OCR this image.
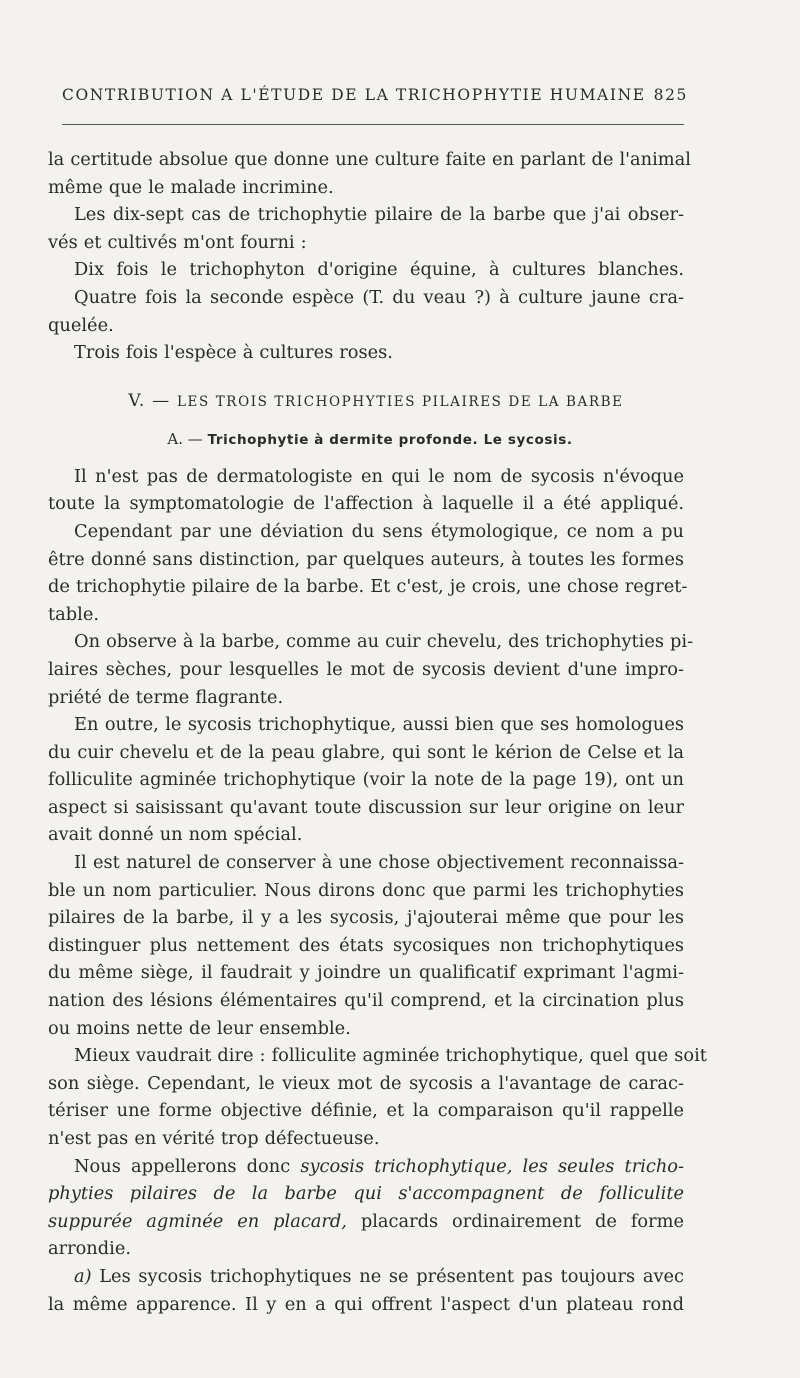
CONTRIBUTION A L'ÉTUDE DE LA TRICHOPHYTIE HUMAINE 825
la certitude absolue que donne une culture faite en parlant de l'animal
même que le malade incrimine.
Les dix-sept cas de trichophytie pilaire de la barbe que j'ai obser-
vés et cultivés m'ont fourni :
Dix fois le trichophyton d'origine équine, à cultures blanches.
Quatre fois la seconde espèce (T. du veau ?) à culture jaune cra-
quelée.
Trois fois l'espèce à cultures roses.
V. — LES TROIS TRICHOPHYTIES PILAIRES DE LA BARBE
A. — Trichophytie à dermite profonde. Le sycosis.
Il n'est pas de dermatologiste en qui le nom de sycosis n'évoque
toute la symptomatologie de l'affection à laquelle il a été appliqué.
Cependant par une déviation du sens étymologique, ce nom a pu
être donné sans distinction, par quelques auteurs, à toutes les formes
de trichophytie pilaire de la barbe. Et c'est, je crois, une chose regret-
table.
On observe à la barbe, comme au cuir chevelu, des trichophyties pi-
laires sèches, pour lesquelles le mot de sycosis devient d'une impro-
priété de terme flagrante.
En outre, le sycosis trichophytique, aussi bien que ses homologues
du cuir chevelu et de la peau glabre, qui sont le kérion de Celse et la
folliculite agminée trichophytique (voir la note de la page 19), ont un
aspect si saisissant qu'avant toute discussion sur leur origine on leur
avait donné un nom spécial.
Il est naturel de conserver à une chose objectivement reconnaissa-
ble un nom particulier. Nous dirons donc que parmi les trichophyties
pilaires de la barbe, il y a les sycosis, j'ajouterai même que pour les
distinguer plus nettement des états sycosiques non trichophytiques
du même siège, il faudrait y joindre un qualificatif exprimant l'agmi-
nation des lésions élémentaires qu'il comprend, et la circination plus
ou moins nette de leur ensemble.
Mieux vaudrait dire : folliculite agminée trichophytique, quel que soit
son siège. Cependant, le vieux mot de sycosis a l'avantage de carac-
tériser une forme objective définie, et la comparaison qu'il rappelle
n'est pas en vérité trop défectueuse.
Nous appellerons donc sycosis trichophytique, les seules tricho-
phyties pilaires de la barbe qui s'accompagnent de folliculite
suppurée agminée en placard, placards ordinairement de forme
arrondie.
a) Les sycosis trichophytiques ne se présentent pas toujours avec
la même apparence. Il y en a qui offrent l'aspect d'un plateau rond
